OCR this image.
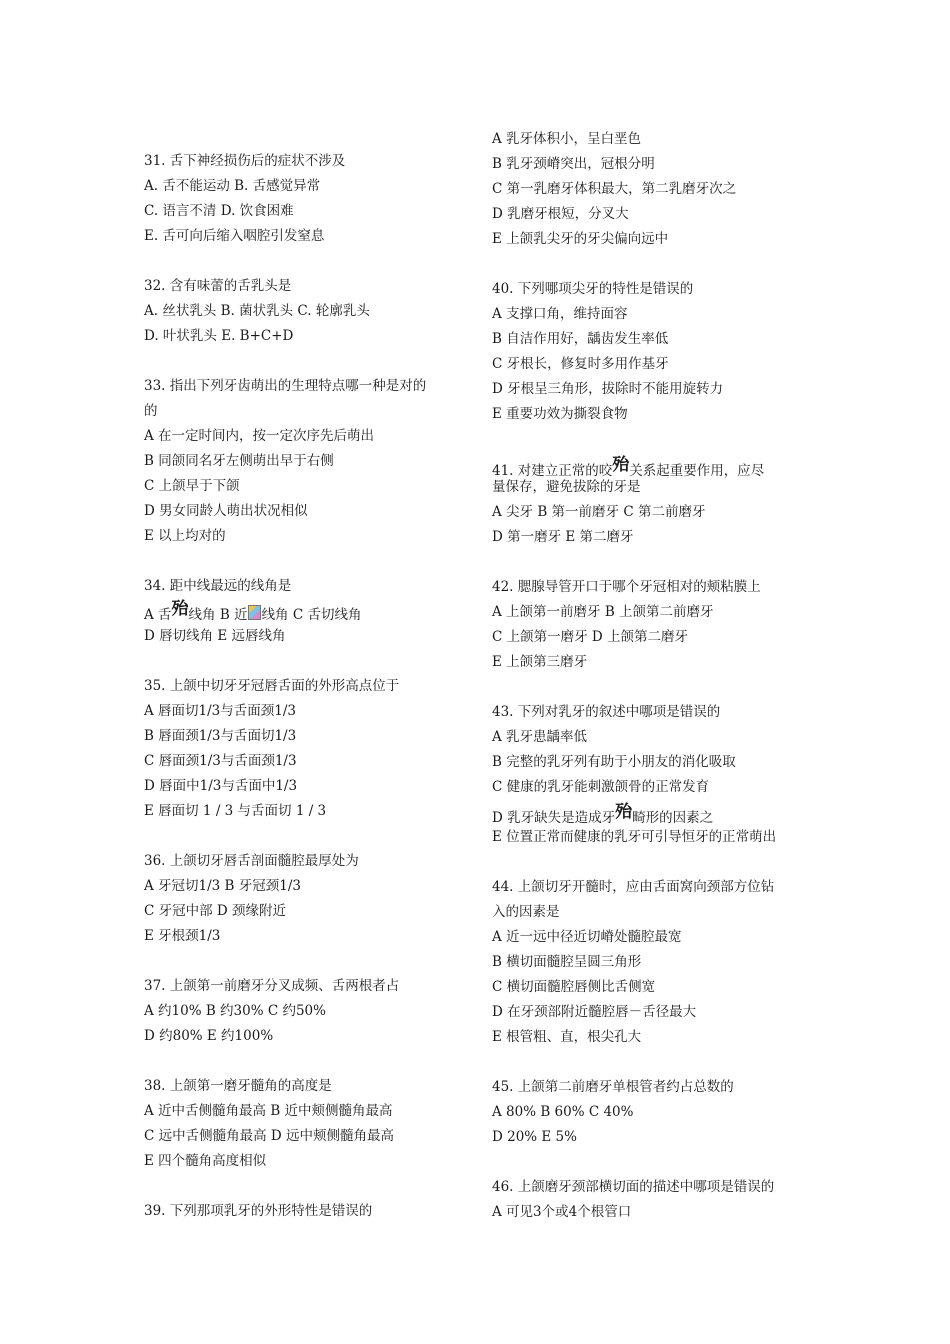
31. 舌下神经损伤后的症状不涉及
A. 舌不能运动 B. 舌感觉异常
C. 语言不清 D. 饮食困难
E. 舌可向后缩入咽腔引发窒息
32. 含有味蕾的舌乳头是
A. 丝状乳头 B. 菌状乳头 C. 轮廓乳头
D. 叶状乳头 E. B+C+D
33. 指出下列牙齿萌出的生理特点哪一种是对的
的
A 在一定时间内，按一定次序先后萌出
B 同颌同名牙左侧萌出早于右侧
C 上颌早于下颌
D 男女同龄人萌出状况相似
E 以上均对的
34. 距中线最远的线角是
A 舌殆线角 B 近 线角 C 舌切线角
D 唇切线角 E 远唇线角
35. 上颌中切牙牙冠唇舌面的外形高点位于
A 唇面切1/3与舌面颈1/3
B 唇面颈1/3与舌面切1/3
C 唇面颈1/3与舌面颈1/3
D 唇面中1/3与舌面中1/3
E 唇面切 1 / 3 与舌面切 1 / 3
36. 上颌切牙唇舌剖面髓腔最厚处为
A 牙冠切1/3 B 牙冠颈1/3
C 牙冠中部 D 颈缘附近
E 牙根颈1/3
37. 上颌第一前磨牙分叉成频、舌两根者占
A 约10% B 约30% C 约50%
D 约80% E 约100%
38. 上颌第一磨牙髓角的高度是
A 近中舌侧髓角最高 B 近中颊侧髓角最高
C 远中舌侧髓角最高 D 远中颊侧髓角最高
E 四个髓角高度相似
39. 下列那项乳牙的外形特性是错误的
A 乳牙体积小，呈白垩色
B 乳牙颈嵴突出，冠根分明
C 第一乳磨牙体积最大，第二乳磨牙次之
D 乳磨牙根短，分叉大
E 上颌乳尖牙的牙尖偏向远中
40. 下列哪项尖牙的特性是错误的
A 支撑口角，维持面容
B 自洁作用好，龋齿发生率低
C 牙根长，修复时多用作基牙
D 牙根呈三角形，拔除时不能用旋转力
E 重要功效为撕裂食物
41. 对建立正常的咬殆关系起重要作用，应尽
量保存，避免拔除的牙是
A 尖牙 B 第一前磨牙 C 第二前磨牙
D 第一磨牙 E 第二磨牙
42. 腮腺导管开口于哪个牙冠相对的颊粘膜上
A 上颌第一前磨牙 B 上颌第二前磨牙
C 上颌第一磨牙 D 上颌第二磨牙
E 上颌第三磨牙
43. 下列对乳牙的叙述中哪项是错误的
A 乳牙患龋率低
B 完整的乳牙列有助于小朋友的消化吸取
C 健康的乳牙能刺激颌骨的正常发育
D 乳牙缺失是造成牙殆畸形的因素之
E 位置正常而健康的乳牙可引导恒牙的正常萌出
44. 上颌切牙开髓时，应由舌面窝向颈部方位钻
入的因素是
A 近一远中径近切嵴处髓腔最宽
B 横切面髓腔呈圆三角形
C 横切面髓腔唇侧比舌侧宽
D 在牙颈部附近髓腔唇－舌径最大
E 根管粗、直，根尖孔大
45. 上颌第二前磨牙单根管者约占总数的
A 80% B 60% C 40%
D 20% E 5%
46. 上颌磨牙颈部横切面的描述中哪项是错误的
A 可见3个或4个根管口
